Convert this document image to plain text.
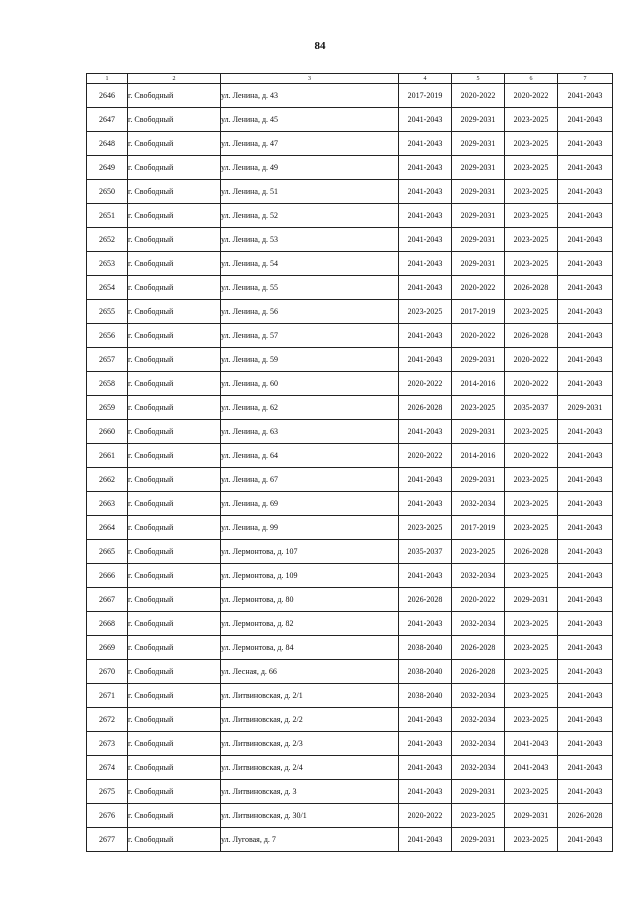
84
1	2	3	4	5	6	7
2646	г. Свободный	ул. Ленина, д. 43	2017-2019	2020-2022	2020-2022	2041-2043
2647	г. Свободный	ул. Ленина, д. 45	2041-2043	2029-2031	2023-2025	2041-2043
2648	г. Свободный	ул. Ленина, д. 47	2041-2043	2029-2031	2023-2025	2041-2043
2649	г. Свободный	ул. Ленина, д. 49	2041-2043	2029-2031	2023-2025	2041-2043
2650	г. Свободный	ул. Ленина, д. 51	2041-2043	2029-2031	2023-2025	2041-2043
2651	г. Свободный	ул. Ленина, д. 52	2041-2043	2029-2031	2023-2025	2041-2043
2652	г. Свободный	ул. Ленина, д. 53	2041-2043	2029-2031	2023-2025	2041-2043
2653	г. Свободный	ул. Ленина, д. 54	2041-2043	2029-2031	2023-2025	2041-2043
2654	г. Свободный	ул. Ленина, д. 55	2041-2043	2020-2022	2026-2028	2041-2043
2655	г. Свободный	ул. Ленина, д. 56	2023-2025	2017-2019	2023-2025	2041-2043
2656	г. Свободный	ул. Ленина, д. 57	2041-2043	2020-2022	2026-2028	2041-2043
2657	г. Свободный	ул. Ленина, д. 59	2041-2043	2029-2031	2020-2022	2041-2043
2658	г. Свободный	ул. Ленина, д. 60	2020-2022	2014-2016	2020-2022	2041-2043
2659	г. Свободный	ул. Ленина, д. 62	2026-2028	2023-2025	2035-2037	2029-2031
2660	г. Свободный	ул. Ленина, д. 63	2041-2043	2029-2031	2023-2025	2041-2043
2661	г. Свободный	ул. Ленина, д. 64	2020-2022	2014-2016	2020-2022	2041-2043
2662	г. Свободный	ул. Ленина, д. 67	2041-2043	2029-2031	2023-2025	2041-2043
2663	г. Свободный	ул. Ленина, д. 69	2041-2043	2032-2034	2023-2025	2041-2043
2664	г. Свободный	ул. Ленина, д. 99	2023-2025	2017-2019	2023-2025	2041-2043
2665	г. Свободный	ул. Лермонтова, д. 107	2035-2037	2023-2025	2026-2028	2041-2043
2666	г. Свободный	ул. Лермонтова, д. 109	2041-2043	2032-2034	2023-2025	2041-2043
2667	г. Свободный	ул. Лермонтова, д. 80	2026-2028	2020-2022	2029-2031	2041-2043
2668	г. Свободный	ул. Лермонтова, д. 82	2041-2043	2032-2034	2023-2025	2041-2043
2669	г. Свободный	ул. Лермонтова, д. 84	2038-2040	2026-2028	2023-2025	2041-2043
2670	г. Свободный	ул. Лесная, д. 66	2038-2040	2026-2028	2023-2025	2041-2043
2671	г. Свободный	ул. Литвиновская, д. 2/1	2038-2040	2032-2034	2023-2025	2041-2043
2672	г. Свободный	ул. Литвиновская, д. 2/2	2041-2043	2032-2034	2023-2025	2041-2043
2673	г. Свободный	ул. Литвиновская, д. 2/3	2041-2043	2032-2034	2041-2043	2041-2043
2674	г. Свободный	ул. Литвиновская, д. 2/4	2041-2043	2032-2034	2041-2043	2041-2043
2675	г. Свободный	ул. Литвиновская, д. 3	2041-2043	2029-2031	2023-2025	2041-2043
2676	г. Свободный	ул. Литвиновская, д. 30/1	2020-2022	2023-2025	2029-2031	2026-2028
2677	г. Свободный	ул. Луговая, д. 7	2041-2043	2029-2031	2023-2025	2041-2043
